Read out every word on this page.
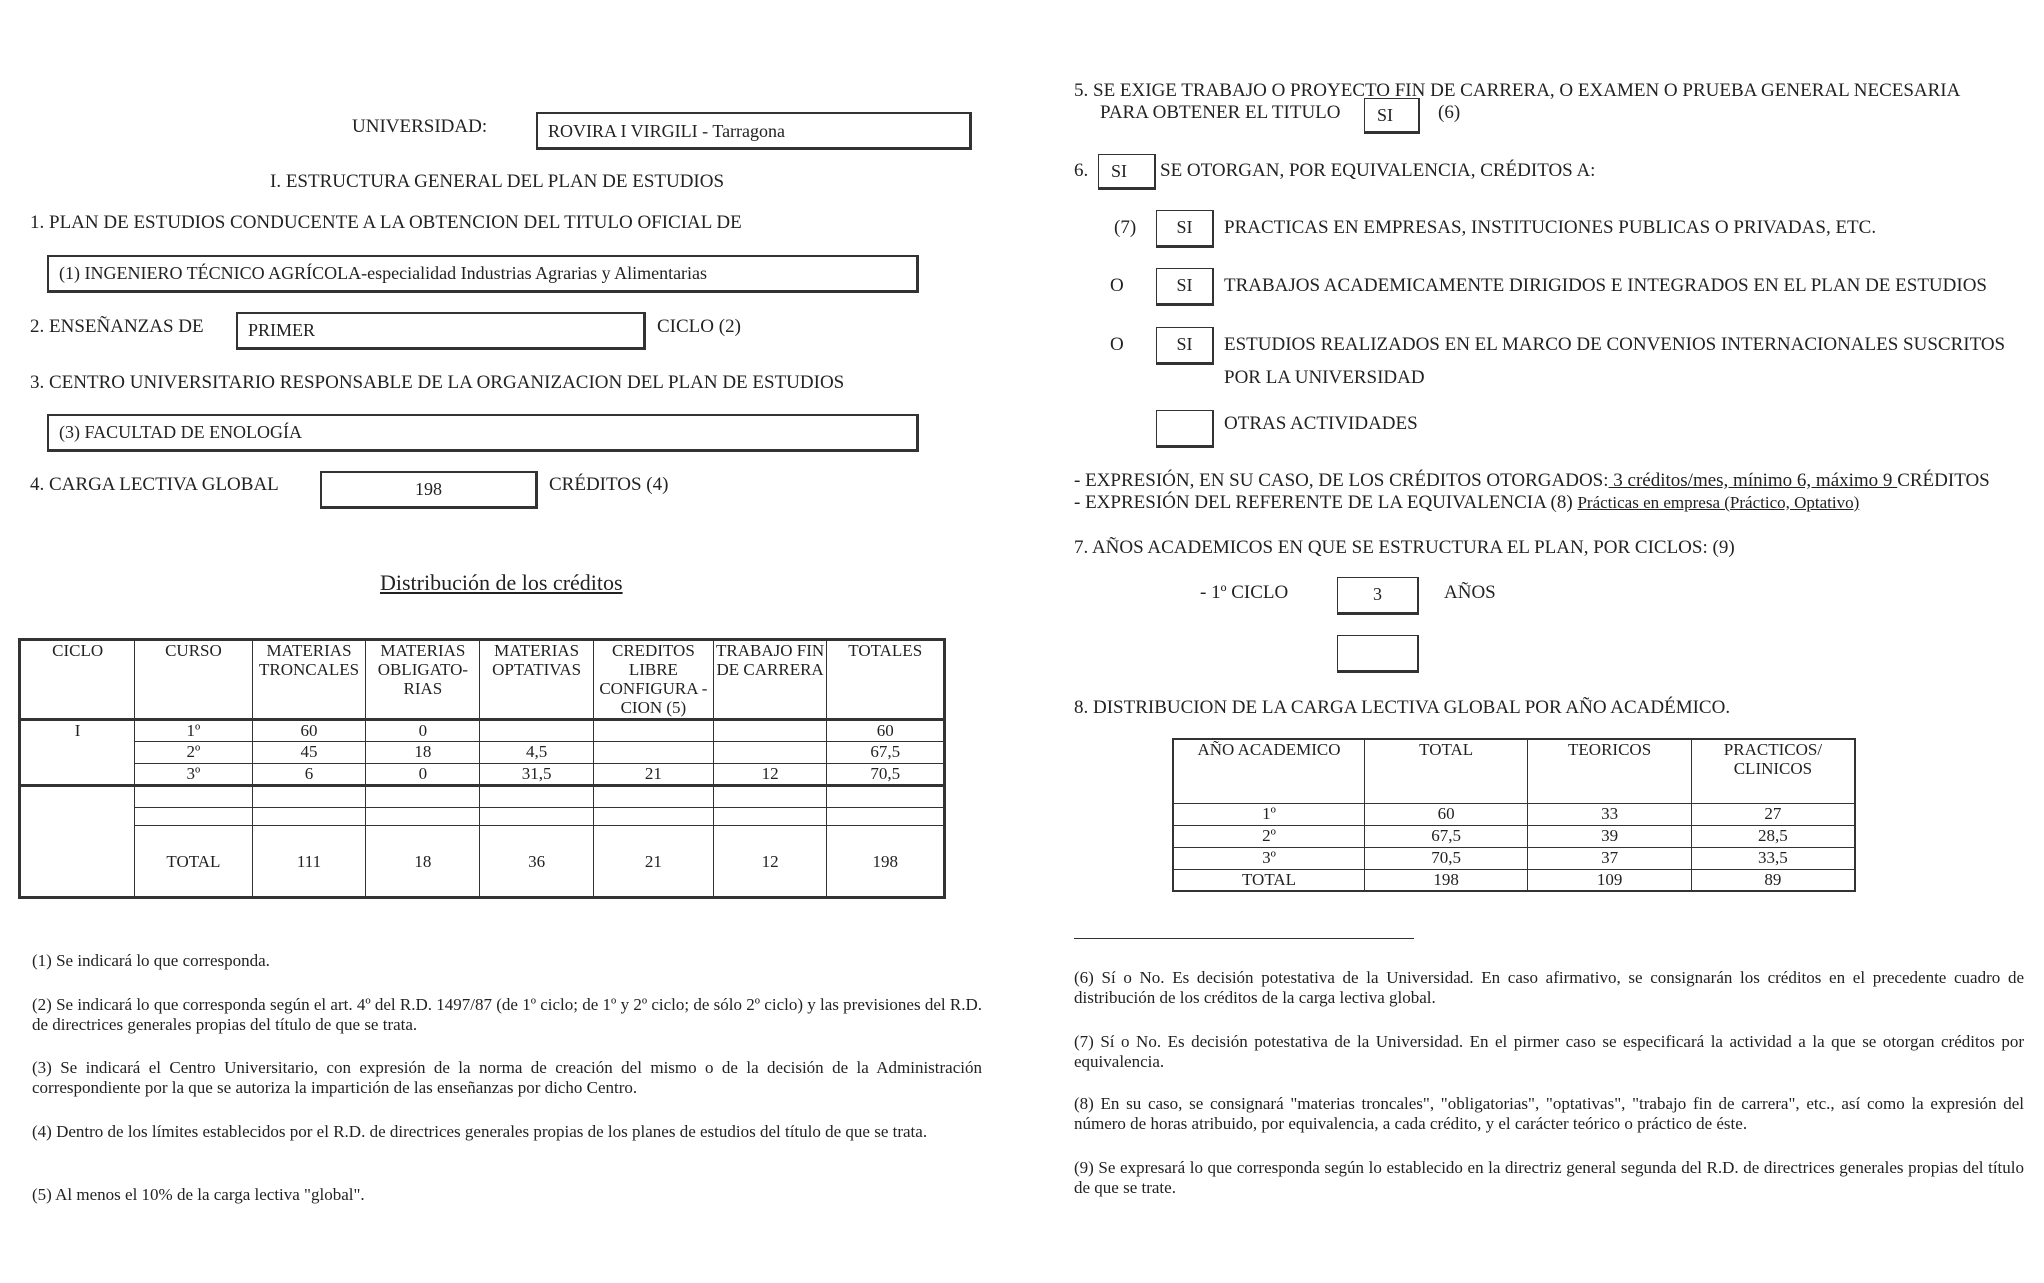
UNIVERSIDAD:	ROVIRA I VIRGILI - Tarragona
I. ESTRUCTURA GENERAL DEL PLAN DE ESTUDIOS
1. PLAN DE ESTUDIOS CONDUCENTE A LA OBTENCION DEL TITULO OFICIAL DE
(1) INGENIERO TÉCNICO AGRÍCOLA-especialidad Industrias Agrarias y Alimentarias
2. ENSEÑANZAS DE	PRIMER	CICLO (2)
3. CENTRO UNIVERSITARIO RESPONSABLE DE LA ORGANIZACION DEL PLAN DE ESTUDIOS
(3) FACULTAD DE ENOLOGÍA
4. CARGA LECTIVA GLOBAL	198	CRÉDITOS (4)
Distribución de los créditos
CICLO	CURSO	MATERIAS TRONCALES	MATERIAS OBLIGATO- RIAS	MATERIAS OPTATIVAS	CREDITOS LIBRE CONFIGURA -CION (5)	TRABAJO FIN DE CARRERA	TOTALES
I	1º	60	0				60
	2º	45	18	4,5			67,5
	3º	6	0	31,5	21	12	70,5

	TOTAL	111	18	36	21	12	198
(1) Se indicará lo que corresponda.
(2) Se indicará lo que corresponda según el art. 4º del R.D. 1497/87 (de 1º ciclo; de 1º y 2º ciclo; de sólo 2º ciclo) y las previsiones del R.D. de directrices generales propias del título de que se trata.
(3) Se indicará el Centro Universitario, con expresión de la norma de creación del mismo o de la decisión de la Administración correspondiente por la que se autoriza la impartición de las enseñanzas por dicho Centro.
(4) Dentro de los límites establecidos por el R.D. de directrices generales propias de los planes de estudios del título de que se trata.
(5) Al menos el 10% de la carga lectiva "global".
5. SE EXIGE TRABAJO O PROYECTO FIN DE CARRERA, O EXAMEN O PRUEBA GENERAL NECESARIA
PARA OBTENER EL TITULO	SI	(6)
6.	SI	SE OTORGAN, POR EQUIVALENCIA, CRÉDITOS A:
(7)	SI	PRACTICAS EN EMPRESAS, INSTITUCIONES PUBLICAS O PRIVADAS, ETC.
O	SI	TRABAJOS ACADEMICAMENTE DIRIGIDOS E INTEGRADOS EN EL PLAN DE ESTUDIOS
O	SI	ESTUDIOS REALIZADOS EN EL MARCO DE CONVENIOS INTERNACIONALES SUSCRITOS
POR LA UNIVERSIDAD
OTRAS ACTIVIDADES
- EXPRESIÓN, EN SU CASO, DE LOS CRÉDITOS OTORGADOS: 3 créditos/mes, mínimo 6, máximo 9 CRÉDITOS
- EXPRESIÓN DEL REFERENTE DE LA EQUIVALENCIA (8) Prácticas en empresa (Práctico, Optativo)
7. AÑOS ACADEMICOS EN QUE SE ESTRUCTURA EL PLAN, POR CICLOS: (9)
- 1º CICLO	3	AÑOS
8. DISTRIBUCION DE LA CARGA LECTIVA GLOBAL POR AÑO ACADÉMICO.
AÑO ACADEMICO	TOTAL	TEORICOS	PRACTICOS/ CLINICOS
1º	60	33	27
2º	67,5	39	28,5
3º	70,5	37	33,5
TOTAL	198	109	89
(6) Sí o No. Es decisión potestativa de la Universidad. En caso afirmativo, se consignarán los créditos en el precedente cuadro de distribución de los créditos de la carga lectiva global.
(7) Sí o No. Es decisión potestativa de la Universidad. En el pirmer caso se especificará la actividad a la que se otorgan créditos por equivalencia.
(8) En su caso, se consignará "materias troncales", "obligatorias", "optativas", "trabajo fin de carrera", etc., así como la expresión del número de horas atribuido, por equivalencia, a cada crédito, y el carácter teórico o práctico de éste.
(9) Se expresará lo que corresponda según lo establecido en la directriz general segunda del R.D. de directrices generales propias del título de que se trate.
